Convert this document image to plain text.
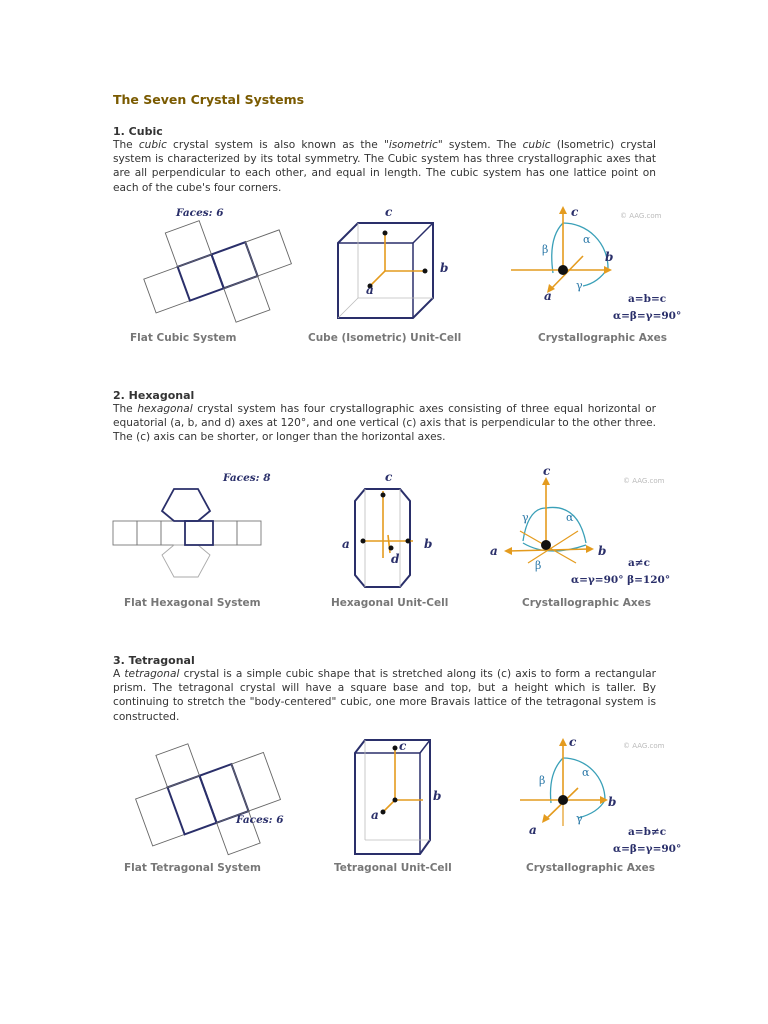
The Seven Crystal Systems
1. Cubic
The cubic crystal system is also known as the "isometric" system. The cubic (Isometric) crystal system is characterized by its total symmetry. The Cubic system has three crystallographic axes that are all perpendicular to each other, and equal in length. The cubic system has one lattice point on each of the cube's four corners.
Faces: 6
Flat Cubic System
c
b
a
Cube (Isometric) Unit-Cell
c
b
a
α
β
γ
© AAG.com
a=b=c
α=β=γ=90°
Crystallographic Axes
2. Hexagonal
The hexagonal crystal system has four crystallographic axes consisting of three equal horizontal or equatorial (a, b, and d) axes at 120°, and one vertical (c) axis that is perpendicular to the other three. The (c) axis can be shorter, or longer than the horizontal axes.
Faces: 8
Flat Hexagonal System
c
b
a
d
Hexagonal Unit-Cell
c
b
a
α
γ
β
© AAG.com
a≠c
α=γ=90° β=120°
Crystallographic Axes
3. Tetragonal
A tetragonal crystal is a simple cubic shape that is stretched along its (c) axis to form a rectangular prism. The tetragonal crystal will have a square base and top, but a height which is taller. By continuing to stretch the "body-centered" cubic, one more Bravais lattice of the tetragonal system is constructed.
Faces: 6
Flat Tetragonal System
c
b
a
Tetragonal Unit-Cell
c
b
a
α
β
γ
© AAG.com
a=b≠c
α=β=γ=90°
Crystallographic Axes
